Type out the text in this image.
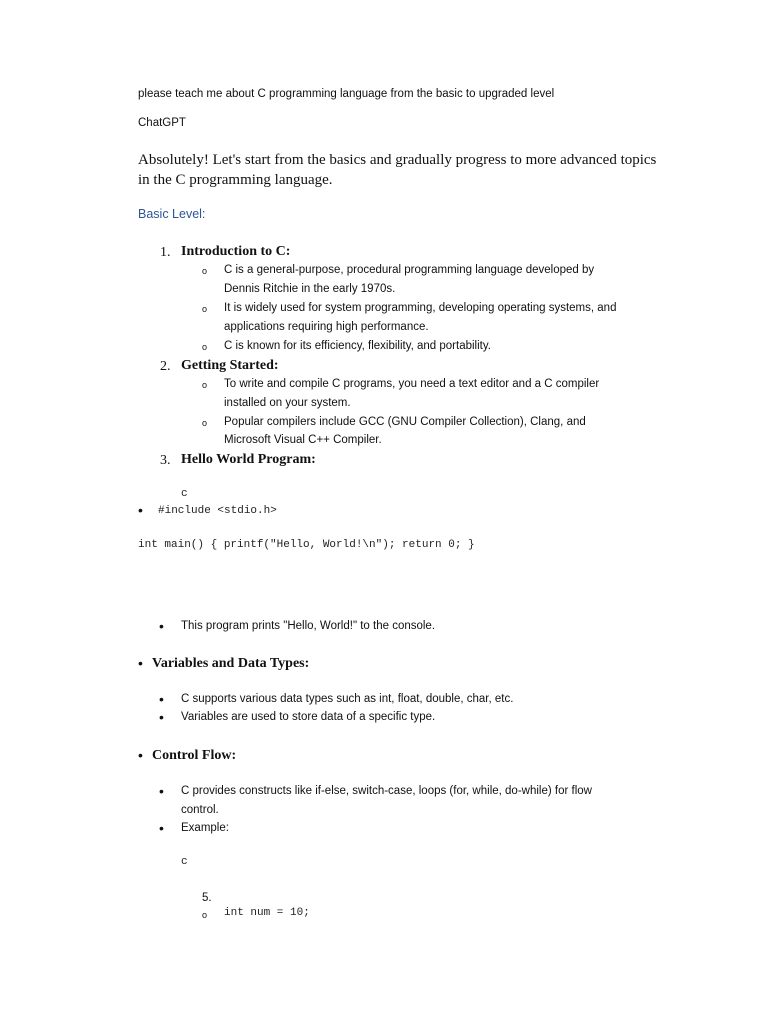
please teach me about C programming language from the basic to upgraded level
ChatGPT
Absolutely! Let's start from the basics and gradually progress to more advanced topics
in the C programming language.
Basic Level:
1. Introduction to C:
o C is a general-purpose, procedural programming language developed by
Dennis Ritchie in the early 1970s.
o It is widely used for system programming, developing operating systems, and
applications requiring high performance.
o C is known for its efficiency, flexibility, and portability.
2. Getting Started:
o To write and compile C programs, you need a text editor and a C compiler
installed on your system.
o Popular compilers include GCC (GNU Compiler Collection), Clang, and
Microsoft Visual C++ Compiler.
3. Hello World Program:
c
• #include <stdio.h>
int main() { printf("Hello, World!\n"); return 0; }
• This program prints "Hello, World!" to the console.
• Variables and Data Types:
• C supports various data types such as int, float, double, char, etc.
• Variables are used to store data of a specific type.
• Control Flow:
• C provides constructs like if-else, switch-case, loops (for, while, do-while) for flow
control.
• Example:
c
5.
o int num = 10;
